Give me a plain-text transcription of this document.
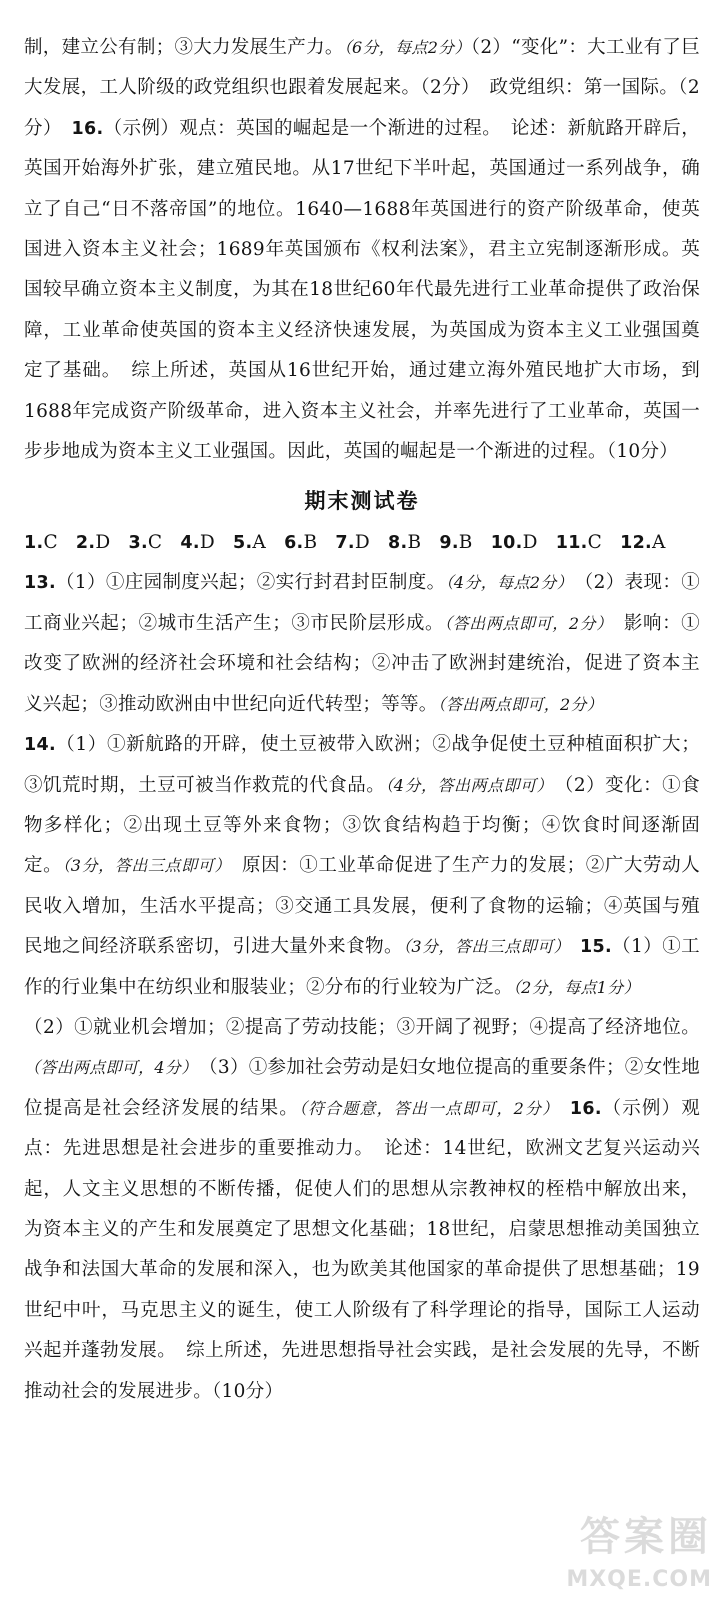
制，建立公有制；③大力发展生产力。（6分，每点2分）（2）“变化”：大工业有了巨大发展，工人阶级的政党组织也跟着发展起来。（2分）　政党组织：第一国际。（2分）　16.（示例）观点：英国的崛起是一个渐进的过程。　论述：新航路开辟后，英国开始海外扩张，建立殖民地。从17世纪下半叶起，英国通过一系列战争，确立了自己“日不落帝国”的地位。1640—1688年英国进行的资产阶级革命，使英国进入资本主义社会；1689年英国颁布《权利法案》，君主立宪制逐渐形成。英国较早确立资本主义制度，为其在18世纪60年代最先进行工业革命提供了政治保障，工业革命使英国的资本主义经济快速发展，为英国成为资本主义工业强国奠定了基础。　综上所述，英国从16世纪开始，通过建立海外殖民地扩大市场，到1688年完成资产阶级革命，进入资本主义社会，并率先进行了工业革命，英国一步步地成为资本主义工业强国。因此，英国的崛起是一个渐进的过程。（10分）

期末测试卷

1.C 2.D 3.C 4.D 5.A 6.B 7.D 8.B 9.B 10.D 11.C 12.A

13.（1）①庄园制度兴起；②实行封君封臣制度。（4分，每点2分）　（2）表现：①工商业兴起；②城市生活产生；③市民阶层形成。（答出两点即可，2分）　影响：①改变了欧洲的经济社会环境和社会结构；②冲击了欧洲封建统治，促进了资本主义兴起；③推动欧洲由中世纪向近代转型；等等。（答出两点即可，2分）

14.（1）①新航路的开辟，使土豆被带入欧洲；②战争促使土豆种植面积扩大；③饥荒时期，土豆可被当作救荒的代食品。（4分，答出两点即可）　（2）变化：①食物多样化；②出现土豆等外来食物；③饮食结构趋于均衡；④饮食时间逐渐固定。（3分，答出三点即可）　原因：①工业革命促进了生产力的发展；②广大劳动人民收入增加，生活水平提高；③交通工具发展，便利了食物的运输；④英国与殖民地之间经济联系密切，引进大量外来食物。（3分，答出三点即可）　15.（1）①工作的行业集中在纺织业和服装业；②分布的行业较为广泛。（2分，每点1分）
（2）①就业机会增加；②提高了劳动技能；③开阔了视野；④提高了经济地位。（答出两点即可，4分）　（3）①参加社会劳动是妇女地位提高的重要条件；②女性地位提高是社会经济发展的结果。（符合题意，答出一点即可，2分）　16.（示例）观点：先进思想是社会进步的重要推动力。　论述：14世纪，欧洲文艺复兴运动兴起，人文主义思想的不断传播，促使人们的思想从宗教神权的桎梏中解放出来，为资本主义的产生和发展奠定了思想文化基础；18世纪，启蒙思想推动美国独立战争和法国大革命的发展和深入，也为欧美其他国家的革命提供了思想基础；19世纪中叶，马克思主义的诞生，使工人阶级有了科学理论的指导，国际工人运动兴起并蓬勃发展。　综上所述，先进思想指导社会实践，是社会发展的先导，不断推动社会的发展进步。（10分）

答案圈
MXQE.COM
